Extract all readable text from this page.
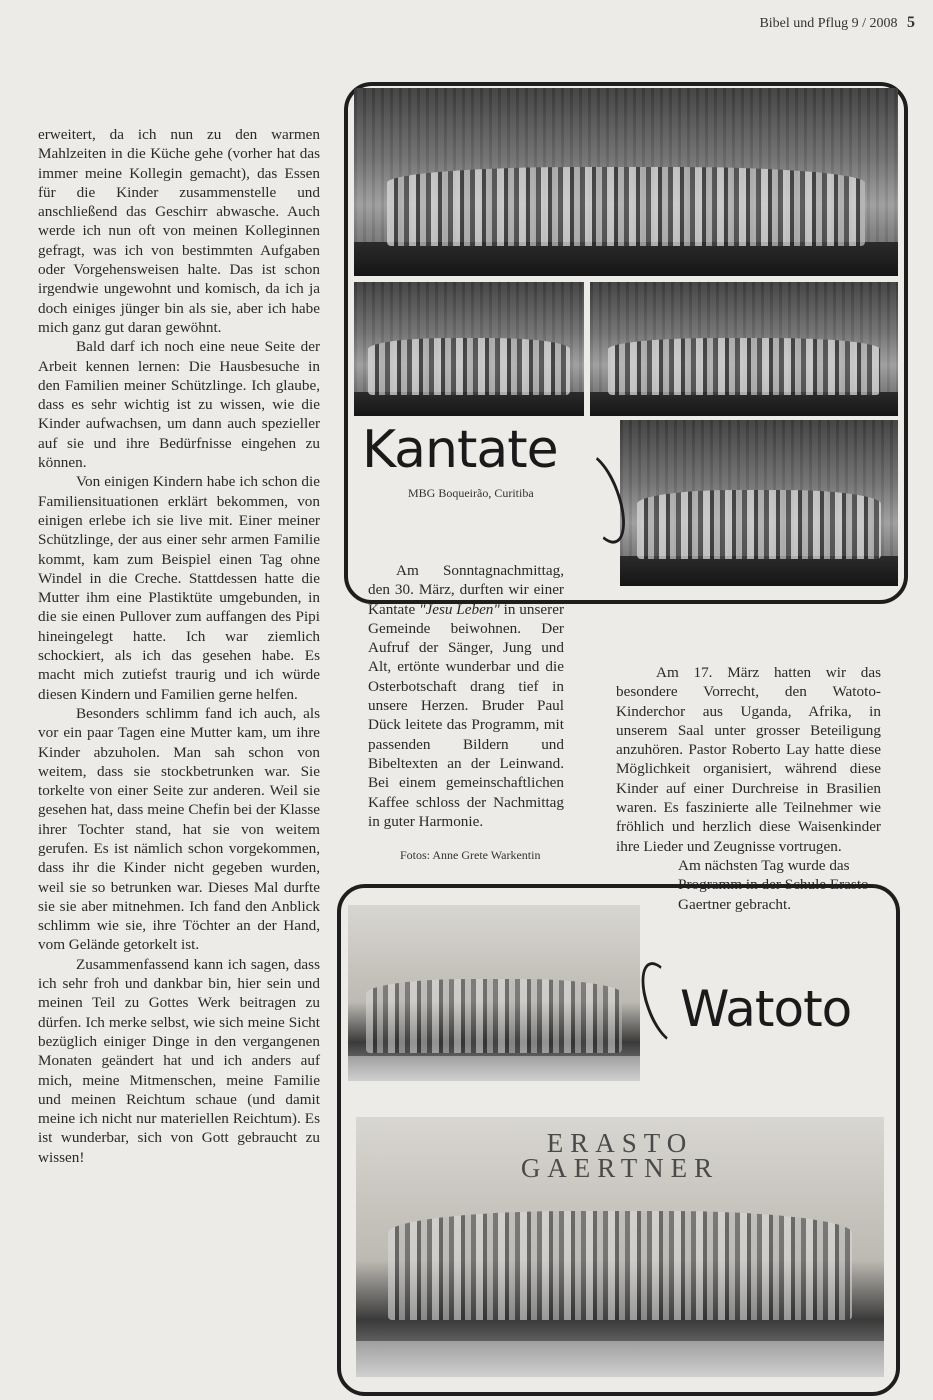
Bibel und Pflug 9 / 2008 5

erweitert, da ich nun zu den warmen Mahlzeiten in die Küche gehe (vorher hat das immer meine Kollegin gemacht), das Essen für die Kinder zusammenstelle und anschließend das Geschirr abwasche. Auch werde ich nun oft von meinen Kolleginnen gefragt, was ich von bestimmten Aufgaben oder Vorgehensweisen halte. Das ist schon irgendwie ungewohnt und komisch, da ich ja doch einiges jünger bin als sie, aber ich habe mich ganz gut daran gewöhnt.

Bald darf ich noch eine neue Seite der Arbeit kennen lernen: Die Hausbesuche in den Familien meiner Schützlinge. Ich glaube, dass es sehr wichtig ist zu wissen, wie die Kinder aufwachsen, um dann auch spezieller auf sie und ihre Bedürfnisse eingehen zu können.

Von einigen Kindern habe ich schon die Familiensituationen erklärt bekommen, von einigen erlebe ich sie live mit. Einer meiner Schützlinge, der aus einer sehr armen Familie kommt, kam zum Beispiel einen Tag ohne Windel in die Creche. Stattdessen hatte die Mutter ihm eine Plastiktüte umgebunden, in die sie einen Pullover zum auffangen des Pipi hineingelegt hatte. Ich war ziemlich schockiert, als ich das gesehen habe. Es macht mich zutiefst traurig und ich würde diesen Kindern und Familien gerne helfen.

Besonders schlimm fand ich auch, als vor ein paar Tagen eine Mutter kam, um ihre Kinder abzuholen. Man sah schon von weitem, dass sie stockbetrunken war. Sie torkelte von einer Seite zur anderen. Weil sie gesehen hat, dass meine Chefin bei der Klasse ihrer Tochter stand, hat sie von weitem gerufen. Es ist nämlich schon vorgekommen, dass ihr die Kinder nicht gegeben wurden, weil sie so betrunken war. Dieses Mal durfte sie sie aber mitnehmen. Ich fand den Anblick schlimm wie sie, ihre Töchter an der Hand, vom Gelände getorkelt ist.

Zusammenfassend kann ich sagen, dass ich sehr froh und dankbar bin, hier sein und meinen Teil zu Gottes Werk beitragen zu dürfen. Ich merke selbst, wie sich meine Sicht bezüglich einiger Dinge in den vergangenen Monaten geändert hat und ich anders auf mich, meine Mitmenschen, meine Familie und meinen Reichtum schaue (und damit meine ich nicht nur materiellen Reichtum). Es ist wunderbar, sich von Gott gebraucht zu wissen!

Kantate
MBG Boqueirão, Curitiba

Am Sonntagnachmittag, den 30. März, durften wir einer Kantate "Jesu Leben" in unserer Gemeinde beiwohnen. Der Aufruf der Sänger, Jung und Alt, ertönte wunderbar und die Osterbotschaft drang tief in unsere Herzen. Bruder Paul Dück leitete das Programm, mit passenden Bildern und Bibeltexten an der Leinwand. Bei einem gemeinschaftlichen Kaffee schloss der Nachmittag in guter Harmonie.

Fotos: Anne Grete Warkentin

Am 17. März hatten wir das besondere Vorrecht, den Watoto-Kinderchor aus Uganda, Afrika, in unserem Saal unter grosser Beteiligung anzuhören. Pastor Roberto Lay hatte diese Möglichkeit organisiert, während diese Kinder auf einer Durchreise in Brasilien waren. Es faszinierte alle Teilnehmer wie fröhlich und herzlich diese Waisenkinder ihre Lieder und Zeugnisse vortrugen.

Am nächsten Tag wurde das Programm in der Schule Erasto Gaertner gebracht.

Watoto
ERASTO
GAERTNER
